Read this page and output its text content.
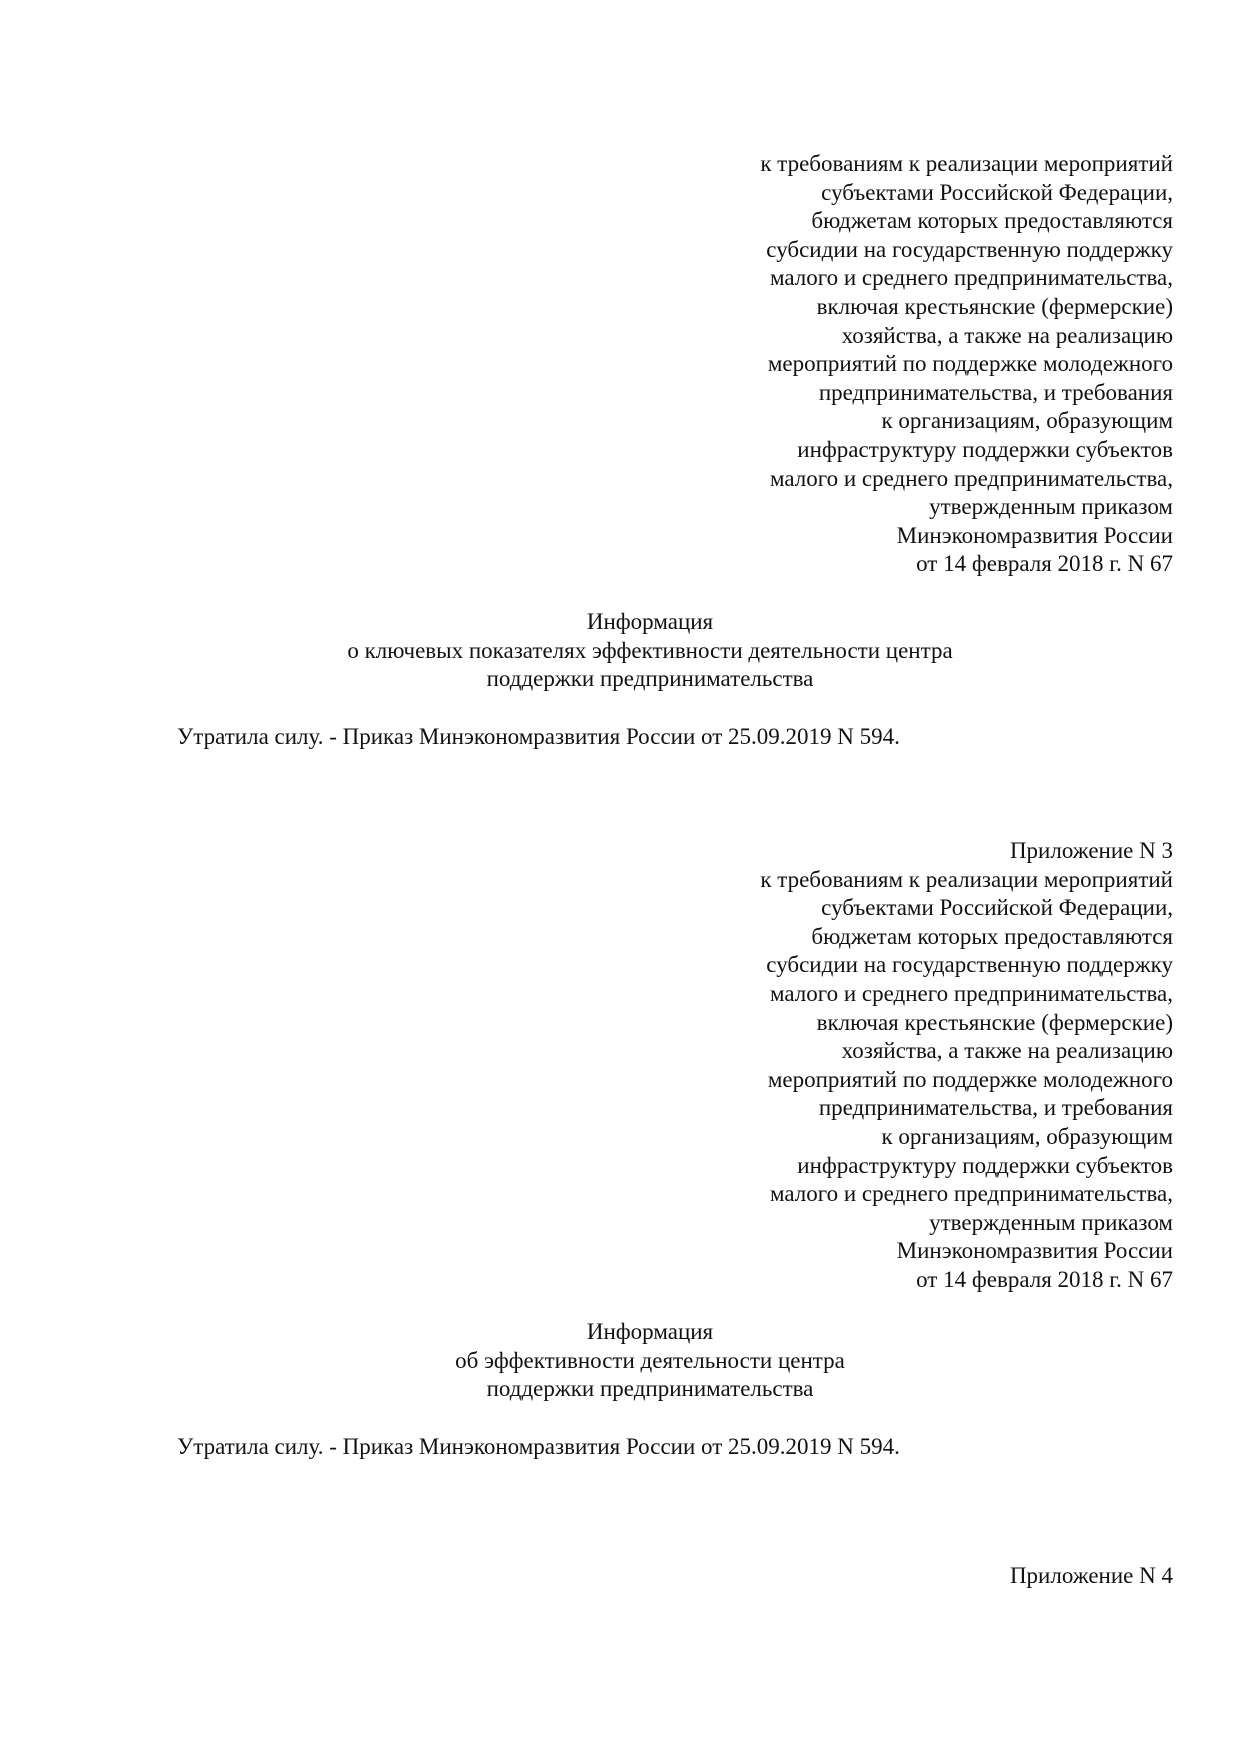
к требованиям к реализации мероприятий
субъектами Российской Федерации,
бюджетам которых предоставляются
субсидии на государственную поддержку
малого и среднего предпринимательства,
включая крестьянские (фермерские)
хозяйства, а также на реализацию
мероприятий по поддержке молодежного
предпринимательства, и требования
к организациям, образующим
инфраструктуру поддержки субъектов
малого и среднего предпринимательства,
утвержденным приказом
Минэкономразвития России
от 14 февраля 2018 г. N 67
Информация
о ключевых показателях эффективности деятельности центра
поддержки предпринимательства
Утратила силу. - Приказ Минэкономразвития России от 25.09.2019 N 594.
Приложение N 3
к требованиям к реализации мероприятий
субъектами Российской Федерации,
бюджетам которых предоставляются
субсидии на государственную поддержку
малого и среднего предпринимательства,
включая крестьянские (фермерские)
хозяйства, а также на реализацию
мероприятий по поддержке молодежного
предпринимательства, и требования
к организациям, образующим
инфраструктуру поддержки субъектов
малого и среднего предпринимательства,
утвержденным приказом
Минэкономразвития России
от 14 февраля 2018 г. N 67
Информация
об эффективности деятельности центра
поддержки предпринимательства
Утратила силу. - Приказ Минэкономразвития России от 25.09.2019 N 594.
Приложение N 4
